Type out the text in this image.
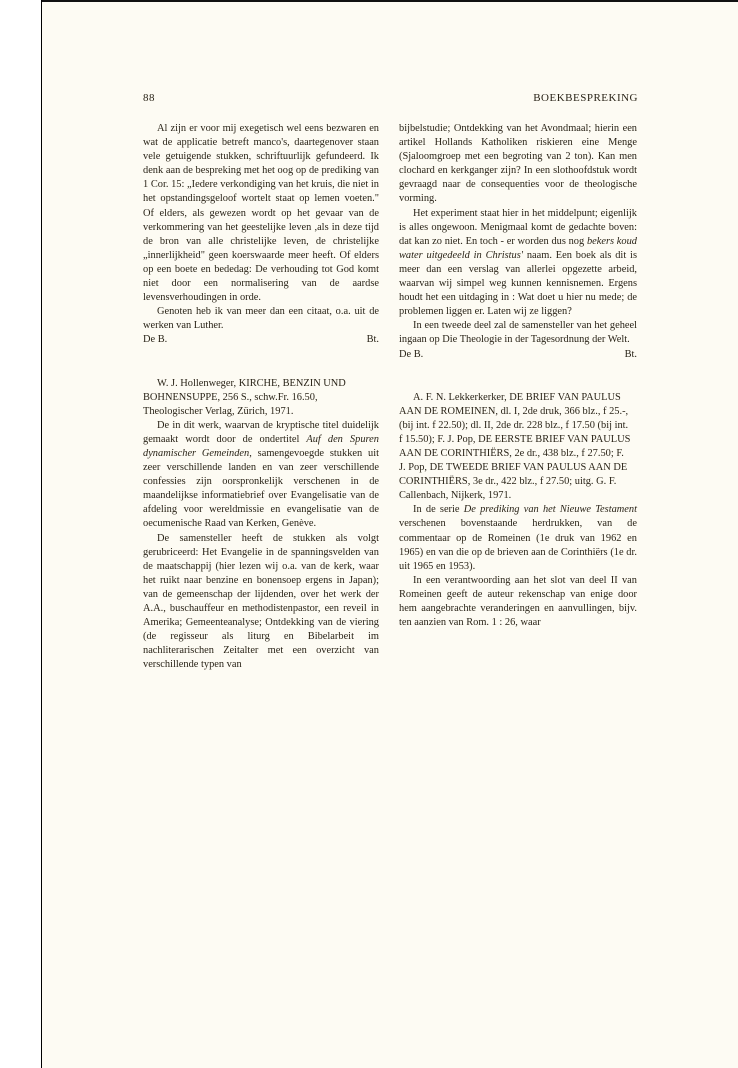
88	BOEKBESPREKING

Al zijn er voor mij exegetisch wel eens bezwaren en wat de applicatie betreft manco's, daartegenover staan vele getuigende stukken, schriftuurlijk gefundeerd. Ik denk aan de bespreking met het oog op de prediking van 1 Cor. 15: „Iedere verkondiging van het kruis, die niet in het opstandingsgeloof wortelt staat op lemen voeten." Of elders, als gewezen wordt op het gevaar van de verkommering van het geestelijke leven ,als in deze tijd de bron van alle christelijke leven, de christelijke „innerlijkheid" geen koerswaarde meer heeft. Of elders op een boete en bededag: De verhouding tot God komt niet door een normalisering van de aardse levensverhoudingen in orde.

Genoten heb ik van meer dan een citaat, o.a. uit de werken van Luther.

De B.	Bt.

W. J. Hollenweger, KIRCHE, BENZIN UND BOHNENSUPPE, 256 S., schw.Fr. 16.50, Theologischer Verlag, Zürich, 1971.

De in dit werk, waarvan de kryptische titel duidelijk gemaakt wordt door de ondertitel Auf den Spuren dynamischer Gemeinden, samengevoegde stukken uit zeer verschillende landen en van zeer verschillende confessies zijn oorspronkelijk verschenen in de maandelijkse informatiebrief over Evangelisatie van de afdeling voor wereldmissie en evangelisatie van de oecumenische Raad van Kerken, Genève.

De samensteller heeft de stukken als volgt gerubriceerd: Het Evangelie in de spanningsvelden van de maatschappij (hier lezen wij o.a. van de kerk, waar het ruikt naar benzine en bonensoep ergens in Japan); van de gemeenschap der lijdenden, over het werk der A.A., buschauffeur en methodistenpastor, een reveil in Amerika; Gemeenteanalyse; Ontdekking van de viering (de regisseur als liturg en Bibelarbeit im nachliterarischen Zeitalter met een overzicht van verschillende typen van

bijbelstudie; Ontdekking van het Avondmaal; hierin een artikel Hollands Katholiken riskieren eine Menge (Sjaloomgroep met een begroting van 2 ton). Kan men clochard en kerkganger zijn? In een slothoofdstuk wordt gevraagd naar de consequenties voor de theologische vorming.

Het experiment staat hier in het middelpunt; eigenlijk is alles ongewoon. Menigmaal komt de gedachte boven: dat kan zo niet. En toch - er worden dus nog bekers koud water uitgedeeld in Christus' naam. Een boek als dit is meer dan een verslag van allerlei opgezette arbeid, waarvan wij simpel weg kunnen kennisnemen. Ergens houdt het een uitdaging in : Wat doet u hier nu mede; de problemen liggen er. Laten wij ze liggen?

In een tweede deel zal de samensteller van het geheel ingaan op Die Theologie in der Tagesordnung der Welt.

De B.	Bt.

A. F. N. Lekkerkerker, DE BRIEF VAN PAULUS AAN DE ROMEINEN, dl. I, 2de druk, 366 blz., f 25.-, (bij int. f 22.50); dl. II, 2de dr. 228 blz., f 17.50 (bij int. f 15.50); F. J. Pop, DE EERSTE BRIEF VAN PAULUS AAN DE CORINTHIËRS, 2e dr., 438 blz., f 27.50; F. J. Pop, DE TWEEDE BRIEF VAN PAULUS AAN DE CORINTHIËRS, 3e dr., 422 blz., f 27.50; uitg. G. F. Callenbach, Nijkerk, 1971.

In de serie De prediking van het Nieuwe Testament verschenen bovenstaande herdrukken, van de commentaar op de Romeinen (1e druk van 1962 en 1965) en van die op de brieven aan de Corinthiërs (1e dr. uit 1965 en 1953).

In een verantwoording aan het slot van deel II van Romeinen geeft de auteur rekenschap van enige door hem aangebrachte veranderingen en aanvullingen, bijv. ten aanzien van Rom. 1 : 26, waar
